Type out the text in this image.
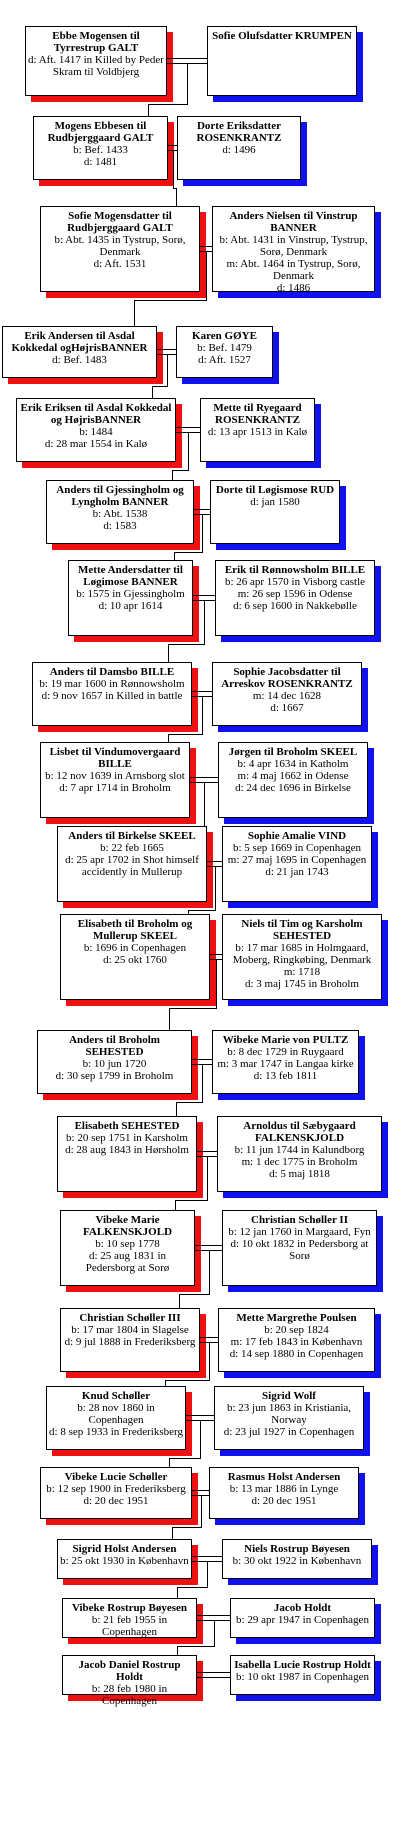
Ebbe Mogensen til Tyrrestrup GALT
d: Aft. 1417 in Killed by Peder Skram til Voldbjerg
Sofie Olufsdatter KRUMPEN
Mogens Ebbesen til Rudbjerggaard GALT
b: Bef. 1433
d: 1481
Dorte Eriksdatter ROSENKRANTZ
d: 1496
Sofie Mogensdatter til Rudbjerggaard GALT
b: Abt. 1435 in Tystrup, Sorø, Denmark
d: Aft. 1531
Anders Nielsen til Vinstrup BANNER
b: Abt. 1431 in Vinstrup, Tystrup, Sorø, Denmark
m: Abt. 1464 in Tystrup, Sorø, Denmark
d: 1486
Erik Andersen til Asdal Kokkedal ogHøjrisBANNER
d: Bef. 1483
Karen GØYE
b: Bef. 1479
d: Aft. 1527
Erik Eriksen til Asdal Kokkedal og HøjrisBANNER
b: 1484
d: 28 mar 1554 in Kalø
Mette til Ryegaard ROSENKRANTZ
d: 13 apr 1513 in Kalø
Anders til Gjessingholm og Lyngholm BANNER
b: Abt. 1538
d: 1583
Dorte til Løgismose RUD
d: jan 1580
Mette Andersdatter til Løgimose BANNER
b: 1575 in Gjessingholm
d: 10 apr 1614
Erik til Rønnowsholm BILLE
b: 26 apr 1570 in Visborg castle
m: 26 sep 1596 in Odense
d: 6 sep 1600 in Nakkebølle
Anders til Damsbo BILLE
b: 19 mar 1600 in Rønnowsholm
d: 9 nov 1657 in Killed in battle
Sophie Jacobsdatter til Arreskov ROSENKRANTZ
m: 14 dec 1628
d: 1667
Lisbet til Vindumovergaard BILLE
b: 12 nov 1639 in Arnsborg slot
d: 7 apr 1714 in Broholm
Jørgen til Broholm SKEEL
b: 4 apr 1634 in Katholm
m: 4 maj 1662 in Odense
d: 24 dec 1696 in Birkelse
Anders til Birkelse SKEEL
b: 22 feb 1665
d: 25 apr 1702 in Shot himself accidently in Mullerup
Sophie Amalie VIND
b: 5 sep 1669 in Copenhagen
m: 27 maj 1695 in Copenhagen
d: 21 jan 1743
Elisabeth til Broholm og Mullerup SKEEL
b: 1696 in Copenhagen
d: 25 okt 1760
Niels til Tim og Karsholm SEHESTED
b: 17 mar 1685 in Holmgaard, Moberg, Ringkøbing, Denmark
m: 1718
d: 3 maj 1745 in Broholm
Anders til Broholm SEHESTED
b: 10 jun 1720
d: 30 sep 1799 in Broholm
Wibeke Marie von PULTZ
b: 8 dec 1729 in Ruygaard
m: 3 mar 1747 in Langaa kirke
d: 13 feb 1811
Elisabeth SEHESTED
b: 20 sep 1751 in Karsholm
d: 28 aug 1843 in Hørsholm
Arnoldus til Sæbygaard FALKENSKJOLD
b: 11 jun 1744 in Kalundborg
m: 1 dec 1775 in Broholm
d: 5 maj 1818
Vibeke Marie FALKENSKJOLD
b: 10 sep 1778
d: 25 aug 1831 in Pedersborg at Sorø
Christian Schøller II
b: 12 jan 1760 in Margaard, Fyn
d: 10 okt 1832 in Pedersborg at Sorø
Christian Schøller III
b: 17 mar 1804 in Slagelse
d: 9 jul 1888 in Frederiksberg
Mette Margrethe Poulsen
b: 20 sep 1824
m: 17 feb 1843 in København
d: 14 sep 1880 in Copenhagen
Knud Schøller
b: 28 nov 1860 in Copenhagen
d: 8 sep 1933 in Frederiksberg
Sigrid Wolf
b: 23 jun 1863 in Kristiania, Norway
d: 23 jul 1927 in Copenhagen
Vibeke Lucie Schøller
b: 12 sep 1900 in Frederiksberg
d: 20 dec 1951
Rasmus Holst Andersen
b: 13 mar 1886 in Lynge
d: 20 dec 1951
Sigrid Holst Andersen
b: 25 okt 1930 in København
Niels Rostrup Bøyesen
b: 30 okt 1922 in København
Vibeke Rostrup Bøyesen
b: 21 feb 1955 in Copenhagen
Jacob Holdt
b: 29 apr 1947 in Copenhagen
Jacob Daniel Rostrup Holdt
b: 28 feb 1980 in Copenhagen
Isabella Lucie Rostrup Holdt
b: 10 okt 1987 in Copenhagen
